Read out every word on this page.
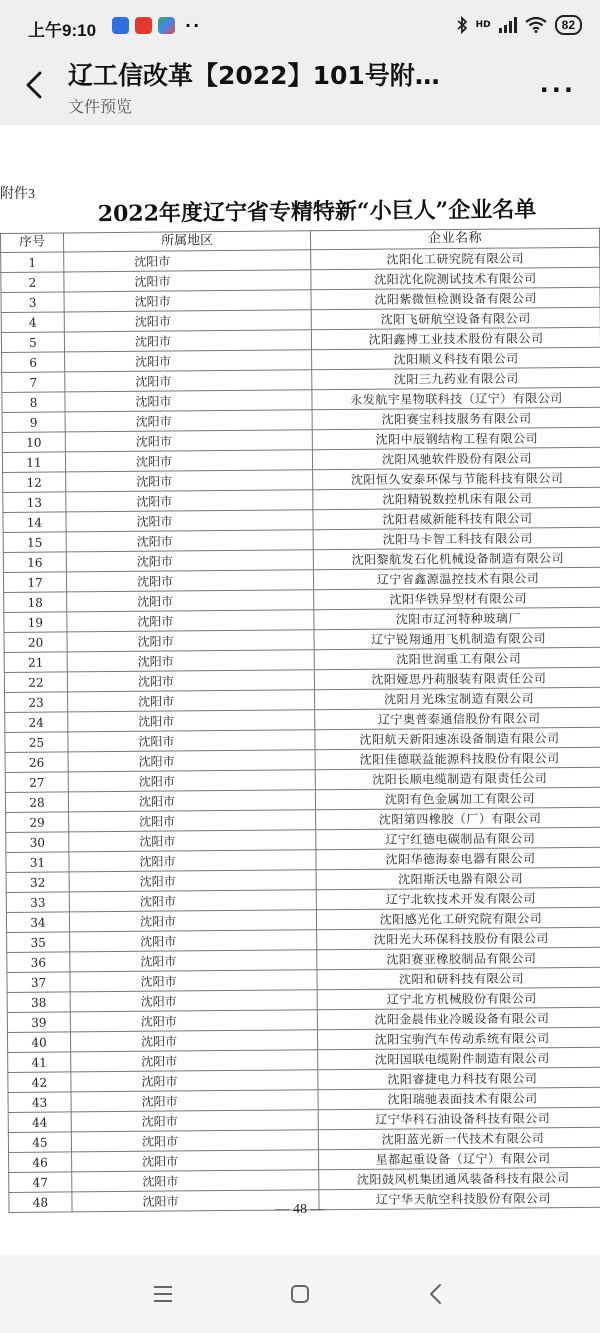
上午9:10	··	HD	82
辽工信改革【2022】101号附…
文件预览
···
附件3
2022年度辽宁省专精特新“小巨人”企业名单
序号	所属地区	企业名称
1	沈阳市	沈阳化工研究院有限公司
2	沈阳市	沈阳沈化院测试技术有限公司
3	沈阳市	沈阳紫微恒检测设备有限公司
4	沈阳市	沈阳飞研航空设备有限公司
5	沈阳市	沈阳鑫博工业技术股份有限公司
6	沈阳市	沈阳顺义科技有限公司
7	沈阳市	沈阳三九药业有限公司
8	沈阳市	永发航宇星物联科技（辽宁）有限公司
9	沈阳市	沈阳赛宝科技服务有限公司
10	沈阳市	沈阳中辰钢结构工程有限公司
11	沈阳市	沈阳风驰软件股份有限公司
12	沈阳市	沈阳恒久安泰环保与节能科技有限公司
13	沈阳市	沈阳精锐数控机床有限公司
14	沈阳市	沈阳君威新能科技有限公司
15	沈阳市	沈阳马卡智工科技有限公司
16	沈阳市	沈阳黎航发石化机械设备制造有限公司
17	沈阳市	辽宁省鑫源温控技术有限公司
18	沈阳市	沈阳华铁异型材有限公司
19	沈阳市	沈阳市辽河特种玻璃厂
20	沈阳市	辽宁锐翔通用飞机制造有限公司
21	沈阳市	沈阳世润重工有限公司
22	沈阳市	沈阳娅思丹莉服装有限责任公司
23	沈阳市	沈阳月光珠宝制造有限公司
24	沈阳市	辽宁奥普泰通信股份有限公司
25	沈阳市	沈阳航天新阳速冻设备制造有限公司
26	沈阳市	沈阳佳德联益能源科技股份有限公司
27	沈阳市	沈阳长顺电缆制造有限责任公司
28	沈阳市	沈阳有色金属加工有限公司
29	沈阳市	沈阳第四橡胶（厂）有限公司
30	沈阳市	辽宁红德电碳制品有限公司
31	沈阳市	沈阳华德海泰电器有限公司
32	沈阳市	沈阳斯沃电器有限公司
33	沈阳市	辽宁北软技术开发有限公司
34	沈阳市	沈阳感光化工研究院有限公司
35	沈阳市	沈阳光大环保科技股份有限公司
36	沈阳市	沈阳赛亚橡胶制品有限公司
37	沈阳市	沈阳和研科技有限公司
38	沈阳市	辽宁北方机械股份有限公司
39	沈阳市	沈阳金晨伟业冷暖设备有限公司
40	沈阳市	沈阳宝驹汽车传动系统有限公司
41	沈阳市	沈阳国联电缆附件制造有限公司
42	沈阳市	沈阳睿捷电力科技有限公司
43	沈阳市	沈阳瑞驰表面技术有限公司
44	沈阳市	辽宁华科石油设备科技有限公司
45	沈阳市	沈阳蓝光新一代技术有限公司
46	沈阳市	星都起重设备（辽宁）有限公司
47	沈阳市	沈阳鼓风机集团通风装备科技有限公司
48	沈阳市	辽宁华天航空科技股份有限公司
— 48 —
